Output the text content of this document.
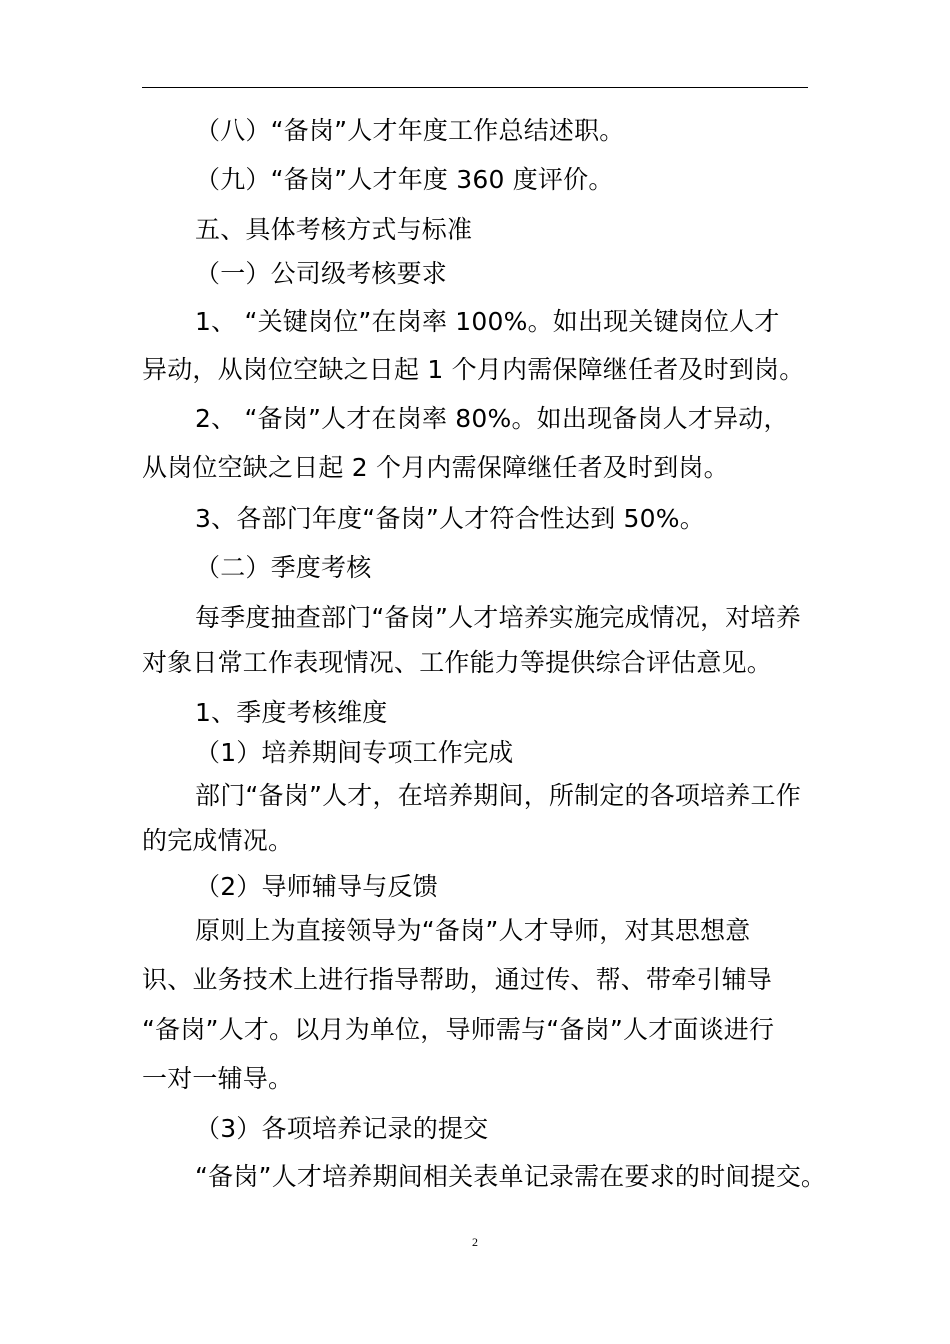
（八）“备岗”人才年度工作总结述职。
（九）“备岗”人才年度 360 度评价。
五、具体考核方式与标准
（一）公司级考核要求
1、 “关键岗位”在岗率 100%。如出现关键岗位人才
异动，从岗位空缺之日起 1 个月内需保障继任者及时到岗。
2、 “备岗”人才在岗率 80%。如出现备岗人才异动，
从岗位空缺之日起 2 个月内需保障继任者及时到岗。
3、各部门年度“备岗”人才符合性达到 50%。
（二）季度考核
每季度抽查部门“备岗”人才培养实施完成情况，对培养
对象日常工作表现情况、工作能力等提供综合评估意见。
1、季度考核维度
（1）培养期间专项工作完成
部门“备岗”人才，在培养期间，所制定的各项培养工作
的完成情况。
（2）导师辅导与反馈
原则上为直接领导为“备岗”人才导师，对其思想意
识、业务技术上进行指导帮助，通过传、帮、带牵引辅导
“备岗”人才。以月为单位，导师需与“备岗”人才面谈进行
一对一辅导。
（3）各项培养记录的提交
“备岗”人才培养期间相关表单记录需在要求的时间提交。
2
